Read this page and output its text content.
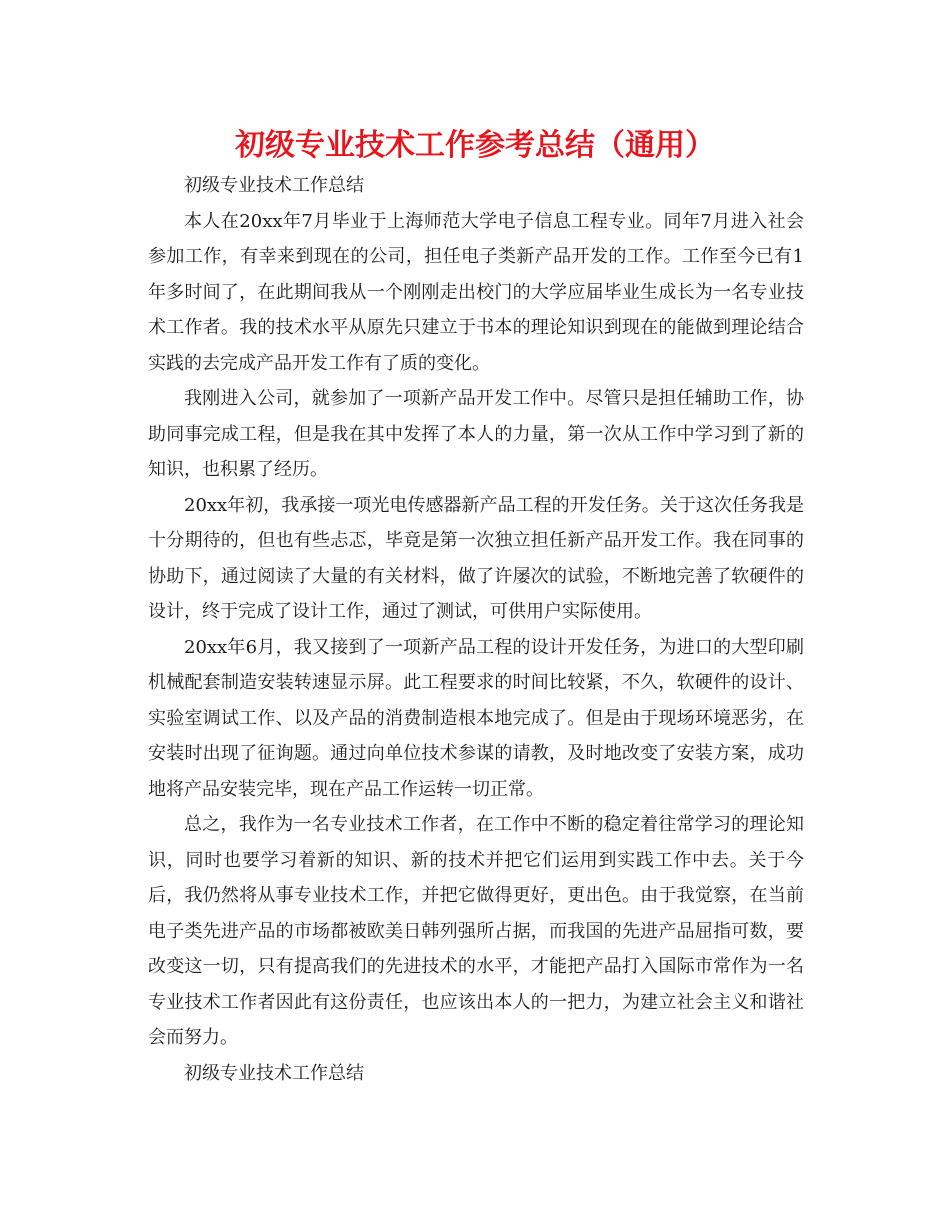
初级专业技术工作参考总结（通用）

初级专业技术工作总结

本人在20xx年7月毕业于上海师范大学电子信息工程专业。同年7月进入社会参加工作，有幸来到现在的公司，担任电子类新产品开发的工作。工作至今已有1年多时间了，在此期间我从一个刚刚走出校门的大学应届毕业生成长为一名专业技术工作者。我的技术水平从原先只建立于书本的理论知识到现在的能做到理论结合实践的去完成产品开发工作有了质的变化。

我刚进入公司，就参加了一项新产品开发工作中。尽管只是担任辅助工作，协助同事完成工程，但是我在其中发挥了本人的力量，第一次从工作中学习到了新的知识，也积累了经历。

20xx年初，我承接一项光电传感器新产品工程的开发任务。关于这次任务我是十分期待的，但也有些忐忑，毕竟是第一次独立担任新产品开发工作。我在同事的协助下，通过阅读了大量的有关材料，做了许屡次的试验，不断地完善了软硬件的设计，终于完成了设计工作，通过了测试，可供用户实际使用。

20xx年6月，我又接到了一项新产品工程的设计开发任务，为进口的大型印刷机械配套制造安装转速显示屏。此工程要求的时间比较紧，不久，软硬件的设计、实验室调试工作、以及产品的消费制造根本地完成了。但是由于现场环境恶劣，在安装时出现了征询题。通过向单位技术参谋的请教，及时地改变了安装方案，成功地将产品安装完毕，现在产品工作运转一切正常。

总之，我作为一名专业技术工作者，在工作中不断的稳定着往常学习的理论知识，同时也要学习着新的知识、新的技术并把它们运用到实践工作中去。关于今后，我仍然将从事专业技术工作，并把它做得更好，更出色。由于我觉察，在当前电子类先进产品的市场都被欧美日韩列强所占据，而我国的先进产品屈指可数，要改变这一切，只有提高我们的先进技术的水平，才能把产品打入国际市常作为一名专业技术工作者因此有这份责任，也应该出本人的一把力，为建立社会主义和谐社会而努力。

初级专业技术工作总结
